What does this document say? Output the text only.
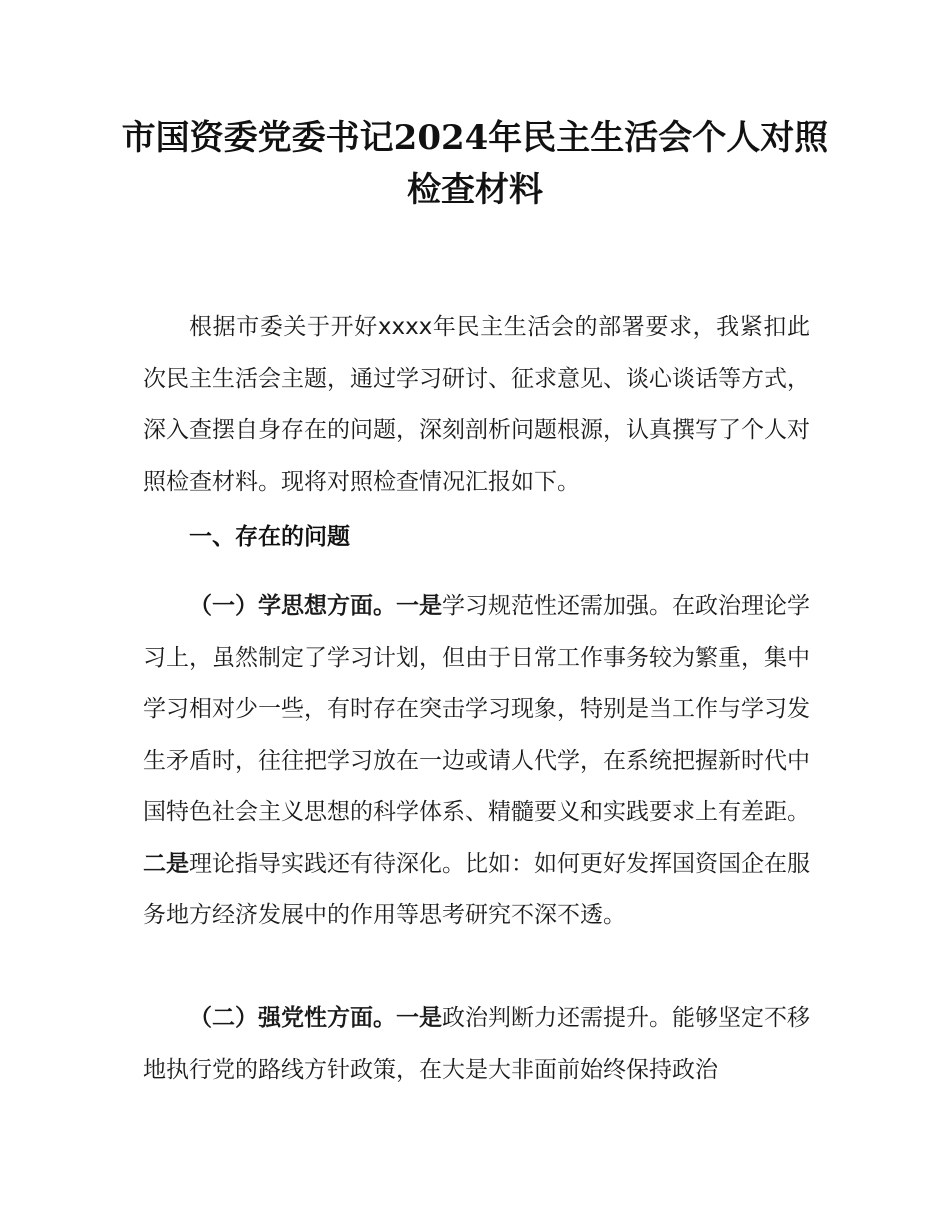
市国资委党委书记2024年民主生活会个人对照检查材料

根据市委关于开好xxxx年民主生活会的部署要求，我紧扣此次民主生活会主题，通过学习研讨、征求意见、谈心谈话等方式，深入查摆自身存在的问题，深刻剖析问题根源，认真撰写了个人对照检查材料。现将对照检查情况汇报如下。

一、存在的问题

（一）学思想方面。一是学习规范性还需加强。在政治理论学习上，虽然制定了学习计划，但由于日常工作事务较为繁重，集中学习相对少一些，有时存在突击学习现象，特别是当工作与学习发生矛盾时，往往把学习放在一边或请人代学，在系统把握新时代中国特色社会主义思想的科学体系、精髓要义和实践要求上有差距。二是理论指导实践还有待深化。比如：如何更好发挥国资国企在服务地方经济发展中的作用等思考研究不深不透。

（二）强党性方面。一是政治判断力还需提升。能够坚定不移地执行党的路线方针政策，在大是大非面前始终保持政治
